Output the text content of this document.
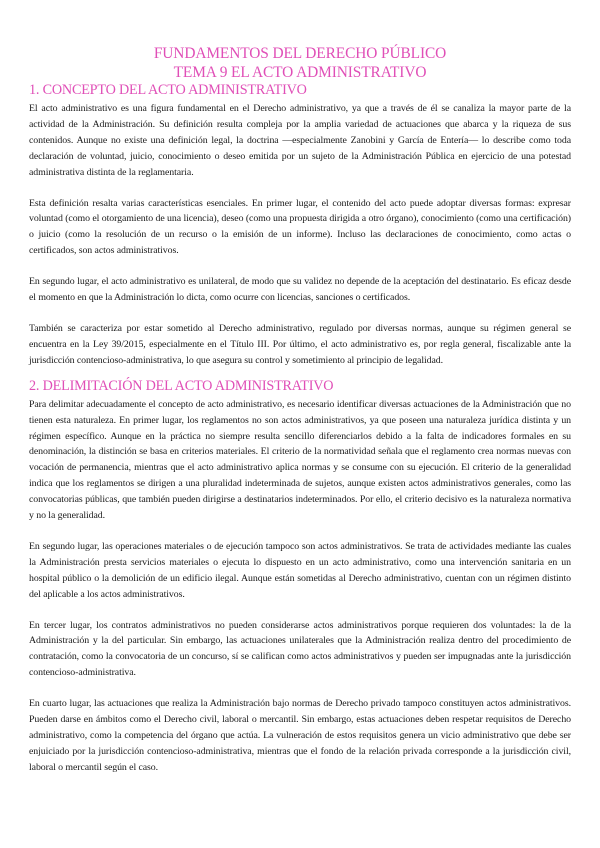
FUNDAMENTOS DEL DERECHO PÚBLICO
TEMA 9 EL ACTO ADMINISTRATIVO
1. CONCEPTO DEL ACTO ADMINISTRATIVO

El acto administrativo es una figura fundamental en el Derecho administrativo, ya que a través de él se canaliza la mayor parte de la actividad de la Administración. Su definición resulta compleja por la amplia variedad de actuaciones que abarca y la riqueza de sus contenidos. Aunque no existe una definición legal, la doctrina —especialmente Zanobini y García de Entería— lo describe como toda declaración de voluntad, juicio, conocimiento o deseo emitida por un sujeto de la Administración Pública en ejercicio de una potestad administrativa distinta de la reglamentaria.

Esta definición resalta varias características esenciales. En primer lugar, el contenido del acto puede adoptar diversas formas: expresar voluntad (como el otorgamiento de una licencia), deseo (como una propuesta dirigida a otro órgano), conocimiento (como una certificación) o juicio (como la resolución de un recurso o la emisión de un informe). Incluso las declaraciones de conocimiento, como actas o certificados, son actos administrativos.

En segundo lugar, el acto administrativo es unilateral, de modo que su validez no depende de la aceptación del destinatario. Es eficaz desde el momento en que la Administración lo dicta, como ocurre con licencias, sanciones o certificados.

También se caracteriza por estar sometido al Derecho administrativo, regulado por diversas normas, aunque su régimen general se encuentra en la Ley 39/2015, especialmente en el Título III. Por último, el acto administrativo es, por regla general, fiscalizable ante la jurisdicción contencioso-administrativa, lo que asegura su control y sometimiento al principio de legalidad.

2. DELIMITACIÓN DEL ACTO ADMINISTRATIVO

Para delimitar adecuadamente el concepto de acto administrativo, es necesario identificar diversas actuaciones de la Administración que no tienen esta naturaleza. En primer lugar, los reglamentos no son actos administrativos, ya que poseen una naturaleza jurídica distinta y un régimen específico. Aunque en la práctica no siempre resulta sencillo diferenciarlos debido a la falta de indicadores formales en su denominación, la distinción se basa en criterios materiales. El criterio de la normatividad señala que el reglamento crea normas nuevas con vocación de permanencia, mientras que el acto administrativo aplica normas y se consume con su ejecución. El criterio de la generalidad indica que los reglamentos se dirigen a una pluralidad indeterminada de sujetos, aunque existen actos administrativos generales, como las convocatorias públicas, que también pueden dirigirse a destinatarios indeterminados. Por ello, el criterio decisivo es la naturaleza normativa y no la generalidad.

En segundo lugar, las operaciones materiales o de ejecución tampoco son actos administrativos. Se trata de actividades mediante las cuales la Administración presta servicios materiales o ejecuta lo dispuesto en un acto administrativo, como una intervención sanitaria en un hospital público o la demolición de un edificio ilegal. Aunque están sometidas al Derecho administrativo, cuentan con un régimen distinto del aplicable a los actos administrativos.

En tercer lugar, los contratos administrativos no pueden considerarse actos administrativos porque requieren dos voluntades: la de la Administración y la del particular. Sin embargo, las actuaciones unilaterales que la Administración realiza dentro del procedimiento de contratación, como la convocatoria de un concurso, sí se califican como actos administrativos y pueden ser impugnadas ante la jurisdicción contencioso-administrativa.

En cuarto lugar, las actuaciones que realiza la Administración bajo normas de Derecho privado tampoco constituyen actos administrativos. Pueden darse en ámbitos como el Derecho civil, laboral o mercantil. Sin embargo, estas actuaciones deben respetar requisitos de Derecho administrativo, como la competencia del órgano que actúa. La vulneración de estos requisitos genera un vicio administrativo que debe ser enjuiciado por la jurisdicción contencioso-administrativa, mientras que el fondo de la relación privada corresponde a la jurisdicción civil, laboral o mercantil según el caso.
